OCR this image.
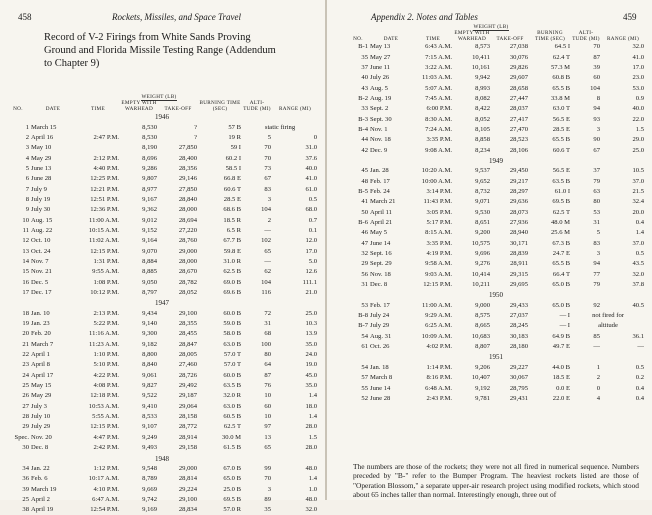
Rockets, Missiles, and Space Travel
458
Record of V-2 Firings from White Sands Proving Ground and Florida Missile Testing Range (Addendum to Chapter 9)
			WEIGHT (LB)				
NO.	DATE	TIME	EMPTY WITH WARHEAD	TAKE-OFF	BURNING TIME (SEC)	ALTI- TUDE (MI)	RANGE (MI)
1946							
1	March 15		8,530	?	57 B	static firing	
2	April 16	2:47 P.M.	8,530	?	19 R	5	0
3	May 10		8,190	27,850	59 I	70	31.0
4	May 29	2:12 P.M.	8,696	28,400	60.2 I	70	37.6
5	June 13	4:40 P.M.	9,286	28,356	58.5 I	73	40.0
6	June 28	12:25 P.M.	9,807	29,146	66.8 E	67	41.0
7	July 9	12:21 P.M.	8,977	27,850	60.6 T	83	61.0
8	July 19	12:51 P.M.	9,167	28,840	28.5 E	3	0.5
9	July 30	12:36 P.M.	9,362	28,000	68.6 B	104	68.0
10	Aug. 15	11:00 A.M.	9,012	28,694	18.5 R	2	0.7
11	Aug. 22	10:15 A.M.	9,152	27,220	6.5 R	—	0.1
12	Oct. 10	11:02 A.M.	9,164	28,760	67.7 B	102	12.0
13	Oct. 24	12:15 P.M.	9,070	29,000	59.8 E	65	17.0
14	Nov. 7	1:31 P.M.	8,884	28,000	31.0 R	—	5.0
15	Nov. 21	9:55 A.M.	8,885	28,670	62.5 B	62	12.6
16	Dec. 5	1:08 P.M.	9,050	28,782	69.0 B	104	111.1
17	Dec. 17	10:12 P.M.	8,797	28,052	69.6 B	116	21.0
1947							
18	Jan. 10	2:13 P.M.	9,434	29,100	60.0 B	72	25.0
19	Jan. 23	5:22 P.M.	9,140	28,355	59.0 B	31	10.3
20	Feb. 20	11:16 A.M.	9,300	28,455	58.0 B	68	13.9
21	March 7	11:23 A.M.	9,182	28,847	63.0 B	100	35.0
22	April 1	1:10 P.M.	8,800	28,005	57.0 T	80	24.0
23	April 8	5:10 P.M.	8,840	27,460	57.0 T	64	19.0
24	April 17	4:22 P.M.	9,061	28,726	60.0 B	87	45.0
25	May 15	4:08 P.M.	9,827	29,492	63.5 B	76	35.0
26	May 29	12:18 P.M.	9,522	29,187	32.0 R	10	1.4
27	July 3	10:53 A.M.	9,410	29,064	63.0 B	60	18.0
28	July 10	5:55 A.M.	8,533	28,158	60.5 B	10	1.4
29	July 29	12:15 P.M.	9,107	28,772	62.5 T	97	28.0
Spec.	Nov. 20	4:47 P.M.	9,249	28,914	30.0 M	13	1.5
30	Dec. 8	2:42 P.M.	9,493	29,158	61.5 B	65	28.0
1948							
34	Jan. 22	1:12 P.M.	9,548	29,000	67.0 B	99	48.0
36	Feb. 6	10:17 A.M.	8,789	28,814	65.0 B	70	1.4
39	March 19	4:10 P.M.	9,669	29,224	25.0 B	3	1.0
25	April 2	6:47 A.M.	9,742	29,100	69.5 B	89	48.0
38	April 19	12:54 P.M.	9,169	28,834	57.0 R	35	32.0
Appendix 2. Notes and Tables	459
			WEIGHT (LB)				
NO.	DATE	TIME	EMPTY WITH WARHEAD	TAKE-OFF	BURNING TIME (SEC)	ALTI- TUDE (MI)	RANGE (MI)
B-1	May 13	6:43 A.M.	8,573	27,038	64.5 I	70	32.0
35	May 27	7:15 A.M.	10,411	30,076	62.4 T	87	41.0
37	June 11	3:22 A.M.	10,161	29,826	57.3 M	39	17.0
40	July 26	11:03 A.M.	9,942	29,607	60.8 B	60	23.0
43	Aug. 5	5:07 A.M.	8,993	28,658	65.5 B	104	53.0
B-2	Aug. 19	7:45 A.M.	8,082	27,447	33.8 M	8	0.9
33	Sept. 2	6:00 P.M.	8,422	28,037	63.0 T	94	40.0
B-3	Sept. 30	8:30 A.M.	8,052	27,417	56.5 E	93	22.0
B-4	Nov. 1	7:24 A.M.	8,105	27,470	28.5 E	3	1.5
44	Nov. 18	3:35 P.M.	8,858	28,523	65.5 B	90	29.0
42	Dec. 9	9:08 A.M.	8,234	28,106	60.6 T	67	25.0
1949							
45	Jan. 28	10:20 A.M.	9,537	29,450	56.5 E	37	10.5
48	Feb. 17	10:00 A.M.	9,652	29,217	63.5 B	79	37.0
B-5	Feb. 24	3:14 P.M.	8,732	28,297	61.0 I	63	21.5
41	March 21	11:43 P.M.	9,071	29,636	69.5 B	80	32.4
50	April 11	3:05 P.M.	9,530	28,073	62.5 T	53	20.0
B-6	April 21	5:17 P.M.	8,651	27,936	48.0 M	31	0.4
46	May 5	8:15 A.M.	9,200	28,940	25.6 M	5	1.4
47	June 14	3:35 P.M.	10,575	30,171	67.3 B	83	37.0
32	Sept. 16	4:19 P.M.	9,696	28,839	24.7 E	3	0.5
29	Sept. 29	9:58 A.M.	9,276	28,911	65.5 B	94	43.5
56	Nov. 18	9:03 A.M.	10,414	29,315	66.4 T	77	32.0
31	Dec. 8	12:15 P.M.	10,211	29,695	65.0 B	79	37.8
1950							
53	Feb. 17	11:00 A.M.	9,000	29,433	65.0 B	92	40.5
B-8	July 24	9:29 A.M.	8,575	27,037	— I	not fired for	
B-7	July 29	6:25 A.M.	8,665	28,245	— I	altitude	
54	Aug. 31	10:09 A.M.	10,683	30,183	64.9 B	85	36.1
61	Oct. 26	4:02 P.M.	8,807	28,180	49.7 E	—	—
1951							
54	Jan. 18	1:14 P.M.	9,206	29,227	44.0 B	1	0.5
57	March 8	8:16 P.M.	10,407	30,067	18.5 E	2	0.2
55	June 14	6:48 A.M.	9,192	28,795	0.0 E	0	0.4
52	June 28	2:43 P.M.	9,781	29,431	22.0 E	4	0.4
The numbers are those of the rockets; they were not all fired in numerical sequence. Numbers preceded by "B-" refer to the Bumper Program. The heaviest rockets listed are those of "Operation Blossom," a separate upper-air research project using modified rockets, which stood about 65 inches taller than normal. Interestingly enough, three out of
